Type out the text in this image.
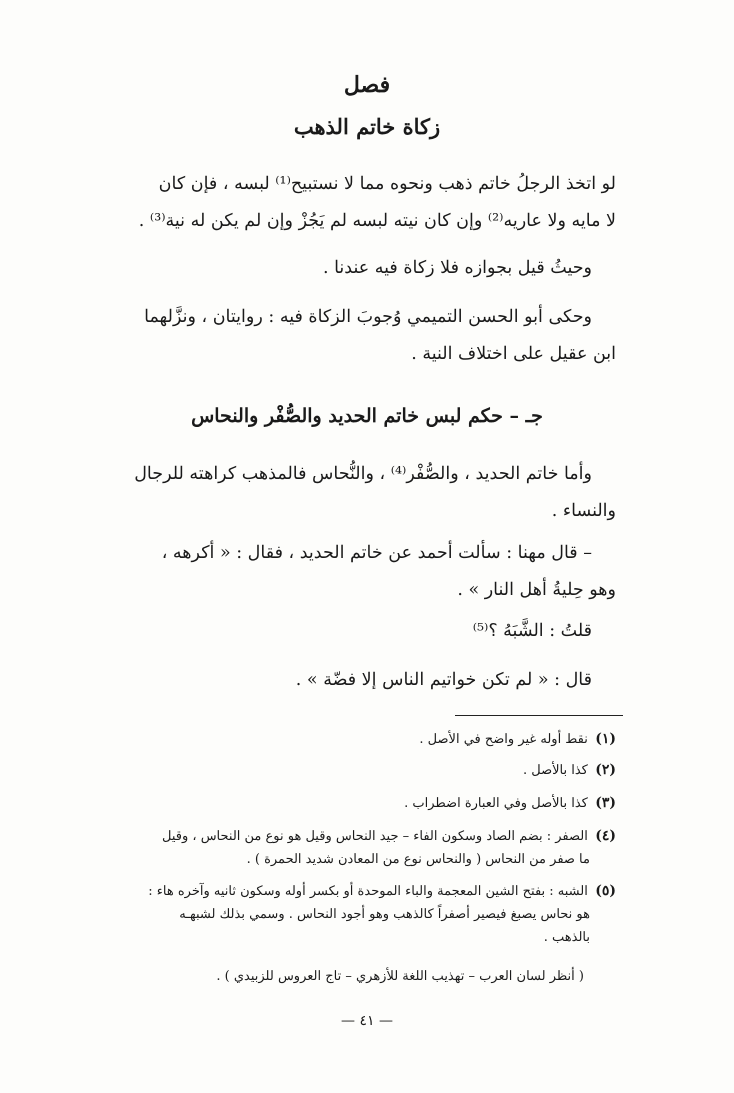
فصل
زكاة خاتم الذهب
لو اتخذ الرجلُ خاتم ذهب ونحوه مما لا نستبيح⁽¹⁾ لبسه ، فإن كان
لا مايه ولا عاريه⁽²⁾ وإن كان نيته لبسه لم يَجُزْ وإن لم يكن له نية⁽³⁾ .
وحيثُ قيل بجوازه فلا زكاة فيه عندنا .
وحكى أبو الحسن التميمي وُجوبَ الزكاة فيه : روايتان ، ونزَّلهما
ابن عقيل على اختلاف النية .
جـ – حكم لبس خاتم الحديد والصُّفْر والنحاس
وأما خاتم الحديد ، والصُّفْر⁽⁴⁾ ، والنُّحاس فالمذهب كراهته للرجال
والنساء .
– قال مهنا : سألت أحمد عن خاتم الحديد ، فقال : « أكرهه ،
وهو حِليةُ أهل النار » .
قلتُ : الشَّبَهُ ؟⁽⁵⁾
قال : « لم تكن خواتيم الناس إلا فضّة » .
(١) نقط أوله غير واضح في الأصل .
(٢) كذا بالأصل .
(٣) كذا بالأصل وفي العبارة اضطراب .
(٤) الصفر : بضم الصاد وسكون الفاء – جيد النحاس وقيل هو نوع من النحاس ، وقيل
ما صفر من النحاس ( والنحاس نوع من المعادن شديد الحمرة ) .
(٥) الشبه : بفتح الشين المعجمة والباء الموحدة أو بكسر أوله وسكون ثانيه وآخره هاء :
هو نحاس يصبغ فيصير أصفراً كالذهب وهو أجود النحاس . وسمي بذلك لشبهـه
بالذهب .
( أنظر لسان العرب – تهذيب اللغة للأزهري – تاج العروس للزبيدي ) .
— ٤١ —
